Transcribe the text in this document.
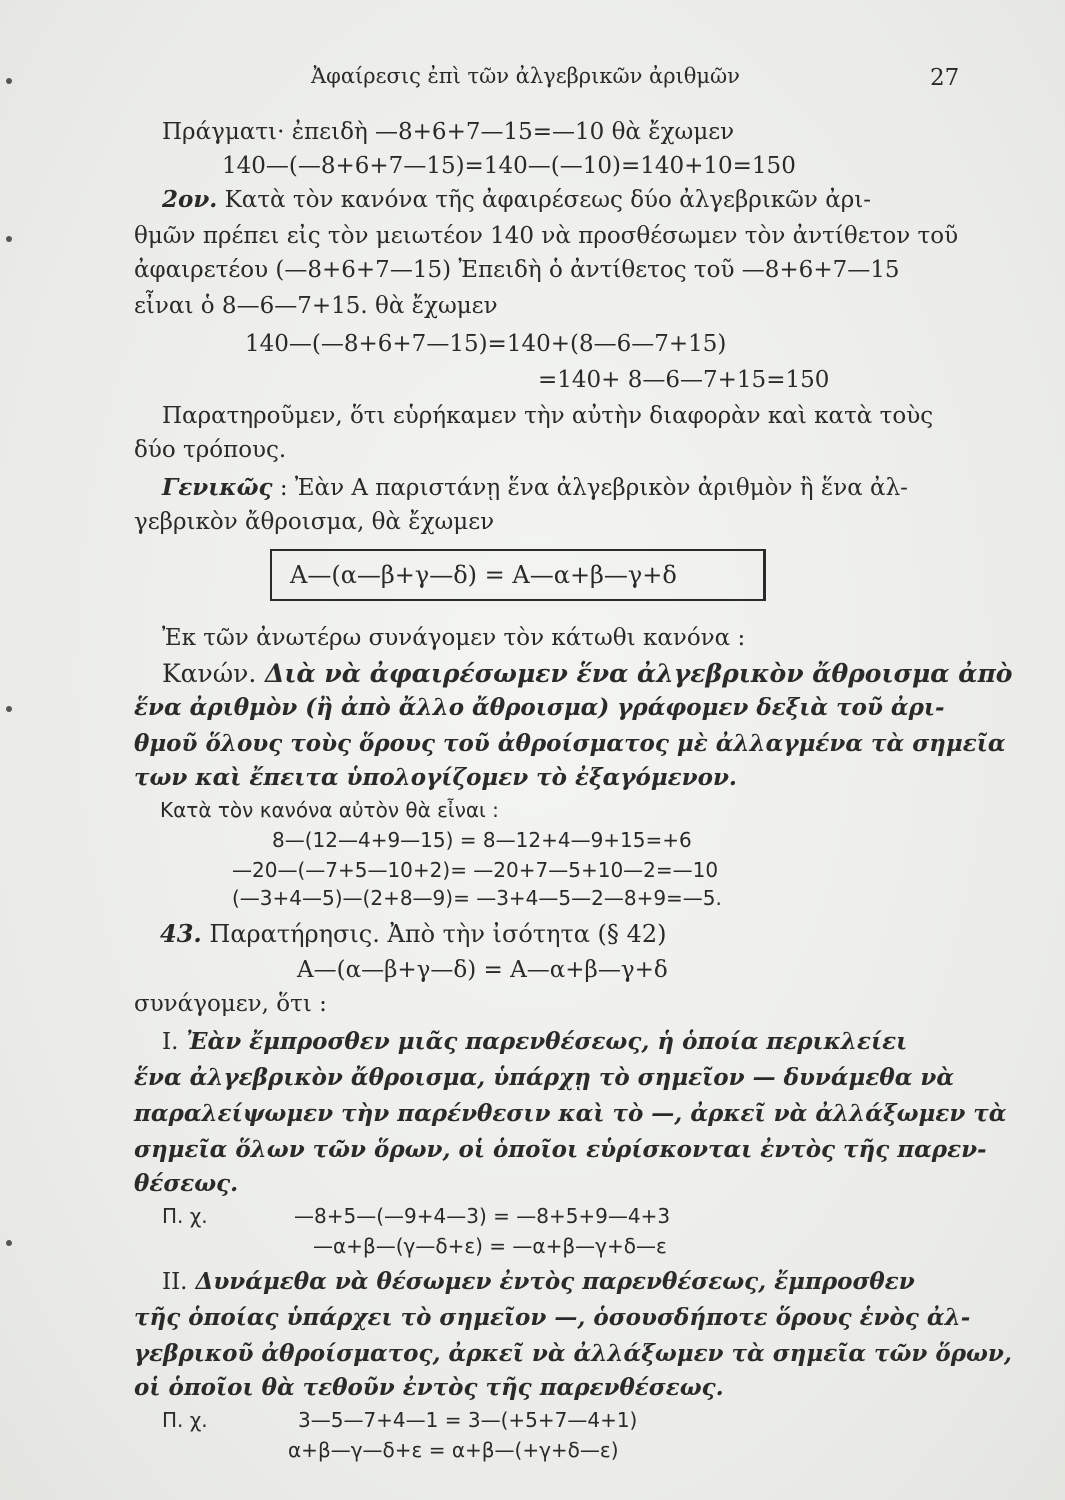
Ἀφαίρεσις ἐπὶ τῶν ἀλγεβρικῶν ἀριθμῶν	27
Πράγματι· ἐπειδὴ —8+6+7—15=—10 θὰ ἔχωμεν
140—(—8+6+7—15)=140—(—10)=140+10=150
2ον. Κατὰ τὸν κανόνα τῆς ἀφαιρέσεως δύο ἀλγεβρικῶν ἀρι-
θμῶν πρέπει εἰς τὸν μειωτέον 140 νὰ προσθέσωμεν τὸν ἀντίθετον τοῦ
ἀφαιρετέου (—8+6+7—15) Ἐπειδὴ ὁ ἀντίθετος τοῦ —8+6+7—15
εἶναι ὁ 8—6—7+15. θὰ ἔχωμεν
140—(—8+6+7—15)=140+(8—6—7+15)
=140+ 8—6—7+15=150
Παρατηροῦμεν, ὅτι εὑρήκαμεν τὴν αὐτὴν διαφορὰν καὶ κατὰ τοὺς
δύο τρόπους.
Γενικῶς : Ἐὰν Α παριστάνῃ ἕνα ἀλγεβρικὸν ἀριθμὸν ἢ ἕνα ἀλ-
γεβρικὸν ἄθροισμα, θὰ ἔχωμεν
Α—(α—β+γ—δ) = Α—α+β—γ+δ
Ἐκ τῶν ἀνωτέρω συνάγομεν τὸν κάτωθι κανόνα :
Κανών. Διὰ νὰ ἀφαιρέσωμεν ἕνα ἀλγεβρικὸν ἄθροισμα ἀπὸ
ἕνα ἀριθμὸν (ἢ ἀπὸ ἄλλο ἄθροισμα) γράφομεν δεξιὰ τοῦ ἀρι-
θμοῦ ὅλους τοὺς ὅρους τοῦ ἀθροίσματος μὲ ἀλλαγμένα τὰ σημεῖα
των καὶ ἔπειτα ὑπολογίζομεν τὸ ἐξαγόμενον.
Κατὰ τὸν κανόνα αὐτὸν θὰ εἶναι :
8—(12—4+9—15) = 8—12+4—9+15=+6
—20—(—7+5—10+2)= —20+7—5+10—2=—10
(—3+4—5)—(2+8—9)= —3+4—5—2—8+9=—5.
43. Παρατήρησις. Ἀπὸ τὴν ἰσότητα (§ 42)
Α—(α—β+γ—δ) = Α—α+β—γ+δ
συνάγομεν, ὅτι :
Ι. Ἐὰν ἔμπροσθεν μιᾶς παρενθέσεως, ἡ ὁποία περικλείει
ἕνα ἀλγεβρικὸν ἄθροισμα, ὑπάρχῃ τὸ σημεῖον — δυνάμεθα νὰ
παραλείψωμεν τὴν παρένθεσιν καὶ τὸ —, ἀρκεῖ νὰ ἀλλάξωμεν τὰ
σημεῖα ὅλων τῶν ὅρων, οἱ ὁποῖοι εὑρίσκονται ἐντὸς τῆς παρεν-
θέσεως.
Π. χ.	—8+5—(—9+4—3) = —8+5+9—4+3
—α+β—(γ—δ+ε) = —α+β—γ+δ—ε
ΙΙ. Δυνάμεθα νὰ θέσωμεν ἐντὸς παρενθέσεως, ἔμπροσθεν
τῆς ὁποίας ὑπάρχει τὸ σημεῖον —, ὁσουσδήποτε ὅρους ἑνὸς ἀλ-
γεβρικοῦ ἀθροίσματος, ἀρκεῖ νὰ ἀλλάξωμεν τὰ σημεῖα τῶν ὅρων,
οἱ ὁποῖοι θὰ τεθοῦν ἐντὸς τῆς παρενθέσεως.
Π. χ.	3—5—7+4—1 = 3—(+5+7—4+1)
α+β—γ—δ+ε = α+β—(+γ+δ—ε)
